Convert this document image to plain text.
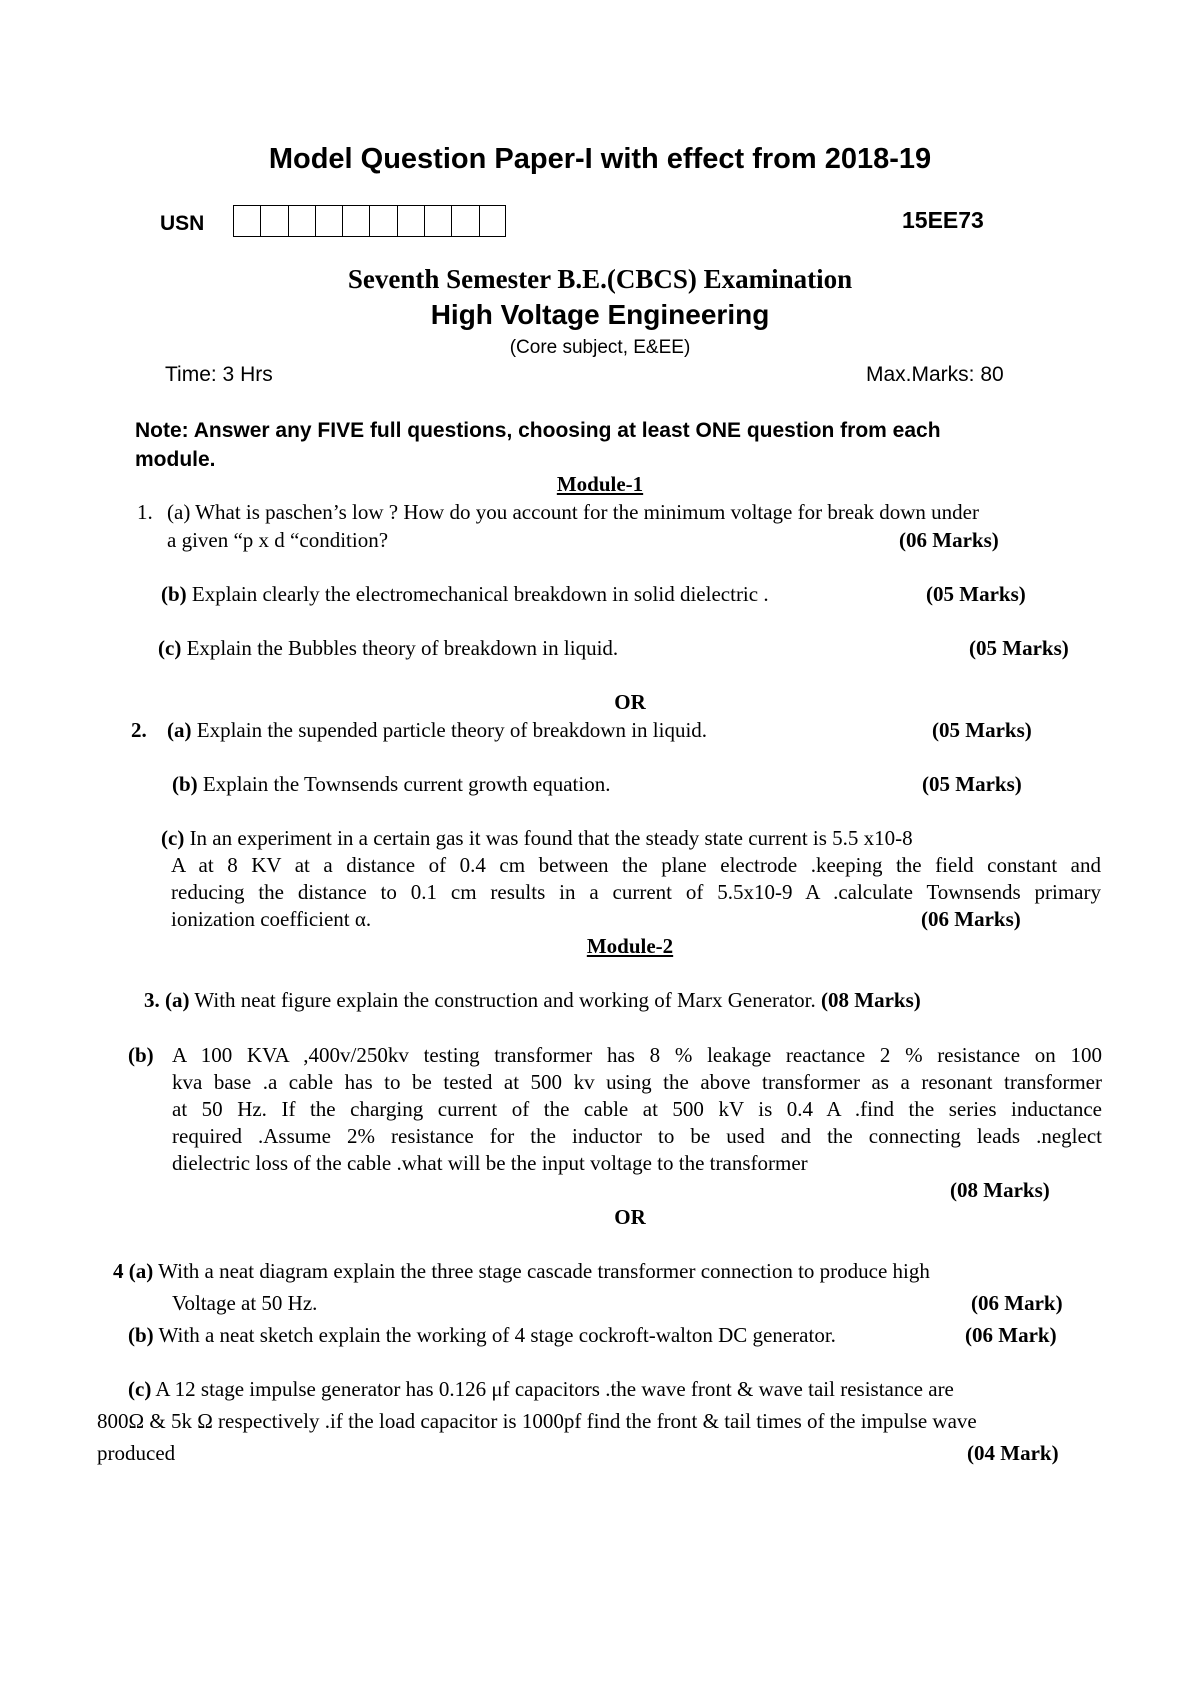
Model Question Paper-I with effect from 2018-19
USN	15EE73
Seventh Semester B.E.(CBCS) Examination
High Voltage Engineering
(Core subject, E&EE)
Time: 3 Hrs	Max.Marks: 80
Note: Answer any FIVE full questions, choosing at least ONE question from each
module.
Module-1
1. (a) What is paschen’s low ? How do you account for the minimum voltage for break down under
a given “p x d “condition?	(06 Marks)
(b) Explain clearly the electromechanical breakdown in solid dielectric .	(05 Marks)
(c) Explain the Bubbles theory of breakdown in liquid.	(05 Marks)
OR
2. (a) Explain the supended particle theory of breakdown in liquid.	(05 Marks)
(b) Explain the Townsends current growth equation.	(05 Marks)
(c) In an experiment in a certain gas it was found that the steady state current is 5.5 x10-8
A at 8 KV at a distance of 0.4 cm between the plane electrode .keeping the field constant and
reducing the distance to 0.1 cm results in a current of 5.5x10-9 A .calculate Townsends primary
ionization coefficient α.	(06 Marks)
Module-2
3. (a) With neat figure explain the construction and working of Marx Generator. (08 Marks)
(b) A 100 KVA ,400v/250kv testing transformer has 8 % leakage reactance 2 % resistance on 100
kva base .a cable has to be tested at 500 kv using the above transformer as a resonant transformer
at 50 Hz. If the charging current of the cable at 500 kV is 0.4 A .find the series inductance
required .Assume 2% resistance for the inductor to be used and the connecting leads .neglect
dielectric loss of the cable .what will be the input voltage to the transformer
(08 Marks)
OR
4 (a) With a neat diagram explain the three stage cascade transformer connection to produce high
Voltage at 50 Hz.	(06 Mark)
(b) With a neat sketch explain the working of 4 stage cockroft-walton DC generator.	(06 Mark)
(c) A 12 stage impulse generator has 0.126 μf capacitors .the wave front & wave tail resistance are
800Ω & 5k Ω respectively .if the load capacitor is 1000pf find the front & tail times of the impulse wave
produced	(04 Mark)
